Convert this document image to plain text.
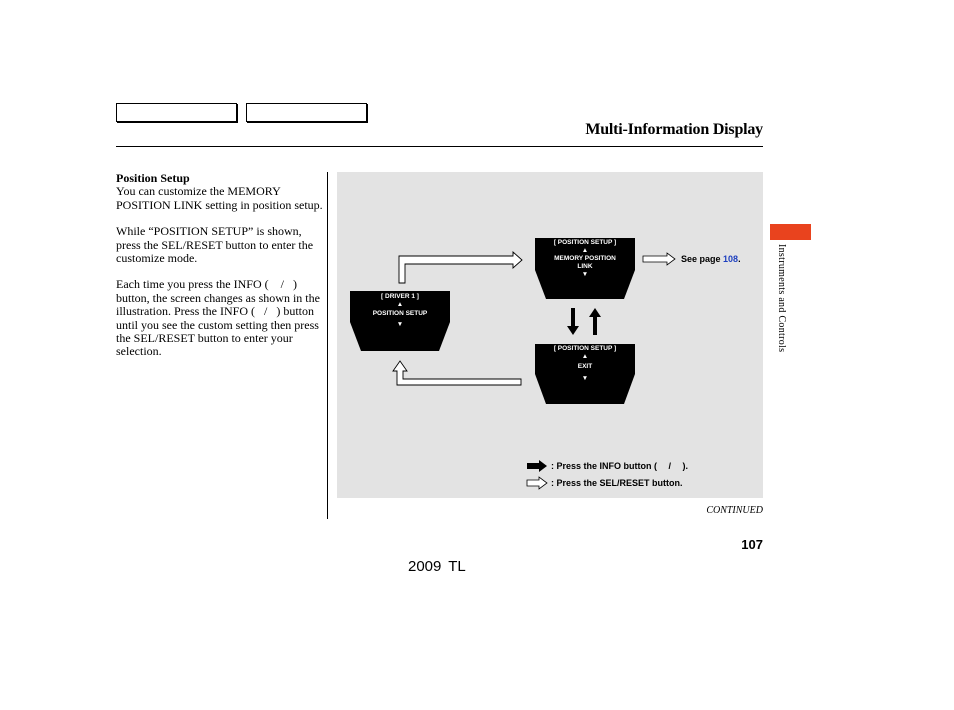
Multi-Information Display
Position Setup

You can customize the MEMORY POSITION LINK setting in position setup.

While “POSITION SETUP” is shown, press the SEL/RESET button to enter the customize mode.

Each time you press the INFO (   /  ) button, the screen changes as shown in the illustration. Press the INFO (  /  ) button until you see the custom setting then press the SEL/RESET button to enter your selection.

[ DRIVER 1 ]
▲
POSITION SETUP
▼
[ POSITION SETUP ]
▲
MEMORY POSITION
LINK
▼
[ POSITION SETUP ]
▲
EXIT
▼
See page 108.
: Press the INFO button (  /  ).
: Press the SEL/RESET button.
Instruments and Controls
CONTINUED
107
2009 TL
